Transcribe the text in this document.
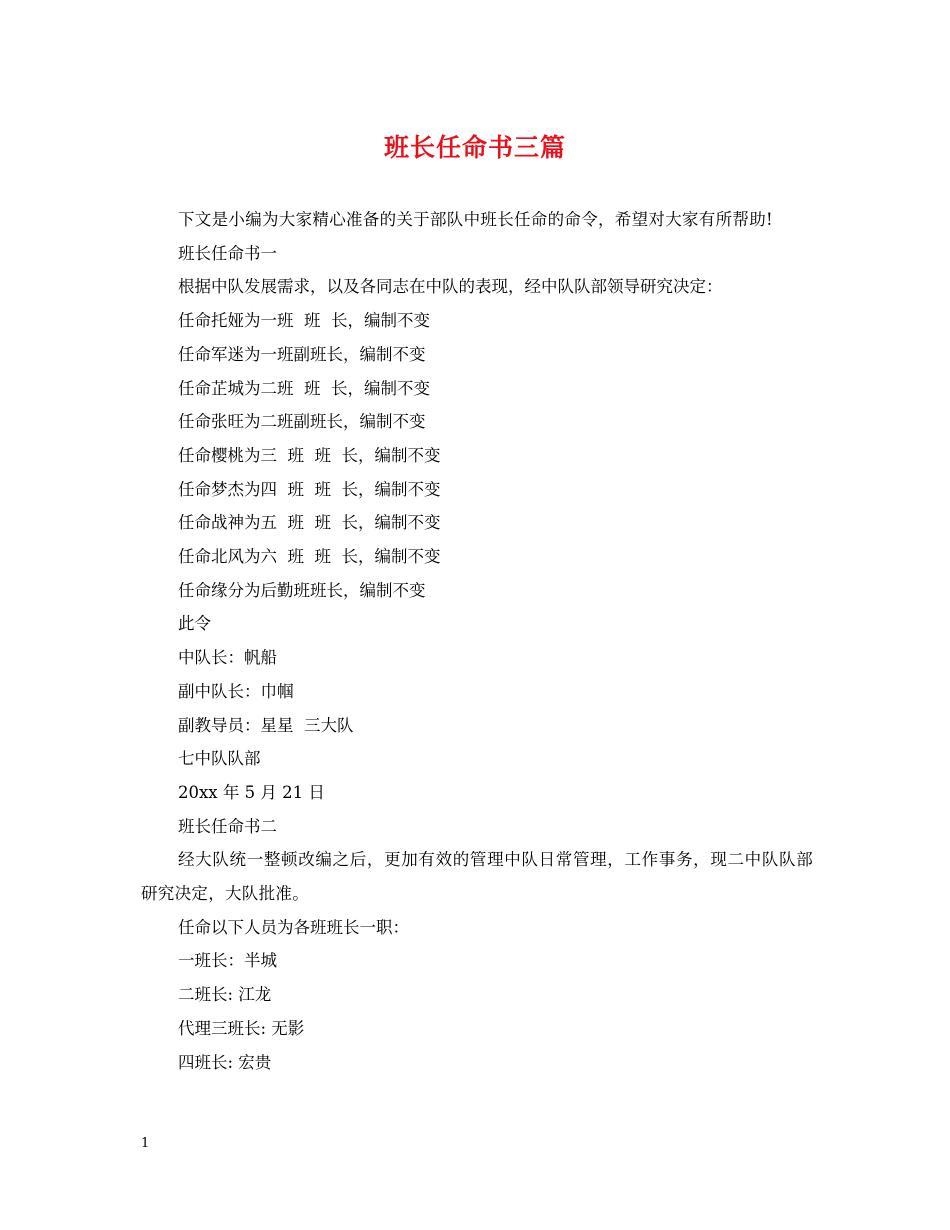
班长任命书三篇

下文是小编为大家精心准备的关于部队中班长任命的命令，希望对大家有所帮助!

班长任命书一

根据中队发展需求，以及各同志在中队的表现，经中队队部领导研究决定：

任命托娅为一班  班  长，编制不变

任命军迷为一班副班长，编制不变

任命芷城为二班  班  长，编制不变

任命张旺为二班副班长，编制不变

任命樱桃为三  班  班  长，编制不变

任命梦杰为四  班  班  长，编制不变

任命战神为五  班  班  长，编制不变

任命北风为六  班  班  长，编制不变

任命缘分为后勤班班长，编制不变

此令

中队长：帆船

副中队长：巾帼

副教导员：星星  三大队

七中队队部

20xx 年 5 月 21 日

班长任命书二

经大队统一整顿改编之后，更加有效的管理中队日常管理，工作事务，现二中队队部研究决定，大队批准。

任命以下人员为各班班长一职：

一班长：半城

二班长: 江龙

代理三班长: 无影

四班长: 宏贵

1
